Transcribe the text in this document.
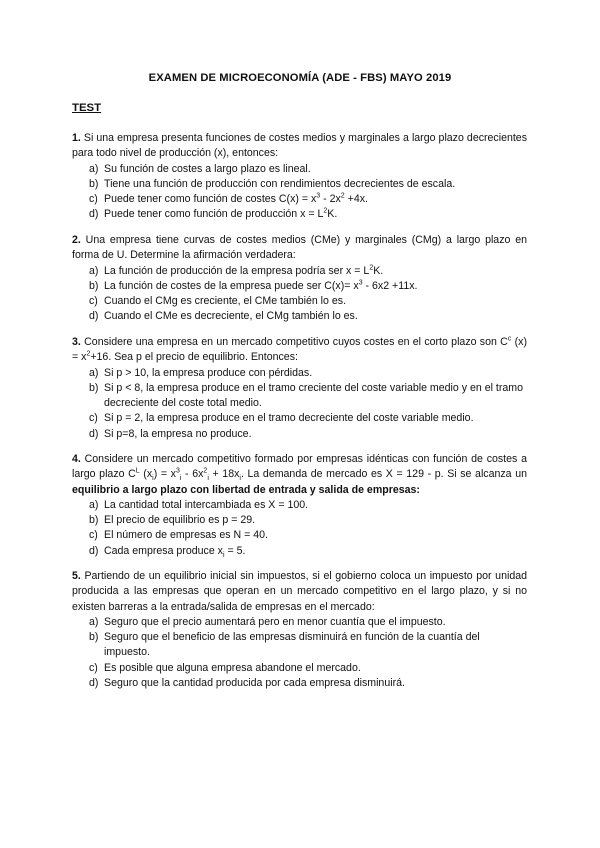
EXAMEN DE MICROECONOMÍA (ADE - FBS) MAYO 2019
TEST
1. Si una empresa presenta funciones de costes medios y marginales a largo plazo decrecientes para todo nivel de producción (x), entonces:
a) Su función de costes a largo plazo es lineal.
b) Tiene una función de producción con rendimientos decrecientes de escala.
c) Puede tener como función de costes $C(x) = x^3 - 2x^2 +4x$.
d) Puede tener como función de producción $x = L^2K$.
2. Una empresa tiene curvas de costes medios (CMe) y marginales (CMg) a largo plazo en forma de U. Determine la afirmación verdadera:
a) La función de producción de la empresa podría ser $x = L^2K$.
b) La función de costes de la empresa puede ser $C(x)= x^3 - 6x2 +11x$.
c) Cuando el CMg es creciente, el CMe también lo es.
d) Cuando el CMe es decreciente, el CMg también lo es.
3. Considere una empresa en un mercado competitivo cuyos costes en el corto plazo son $C^c$ $(x) = x^2+16$. Sea p el precio de equilibrio. Entonces:
a) Si p > 10, la empresa produce con pérdidas.
b) Si p < 8, la empresa produce en el tramo creciente del coste variable medio y en el tramo decreciente del coste total medio.
c) Si p = 2, la empresa produce en el tramo decreciente del coste variable medio.
d) Si p=8, la empresa no produce.
4. Considere un mercado competitivo formado por empresas idénticas con función de costes a largo plazo $C^L$ $(x_i) = x^3_i - 6x^2_i + 18x_i$. La demanda de mercado es X = 129 - p. Si se alcanza un equilibrio a largo plazo con libertad de entrada y salida de empresas:
a) La cantidad total intercambiada es X = 100.
b) El precio de equilibrio es p = 29.
c) El número de empresas es N = 40.
d) Cada empresa produce $x_i = 5$.
5. Partiendo de un equilibrio inicial sin impuestos, si el gobierno coloca un impuesto por unidad producida a las empresas que operan en un mercado competitivo en el largo plazo, y si no existen barreras a la entrada/salida de empresas en el mercado:
a) Seguro que el precio aumentará pero en menor cuantía que el impuesto.
b) Seguro que el beneficio de las empresas disminuirá en función de la cuantía del impuesto.
c) Es posible que alguna empresa abandone el mercado.
d) Seguro que la cantidad producida por cada empresa disminuirá.
